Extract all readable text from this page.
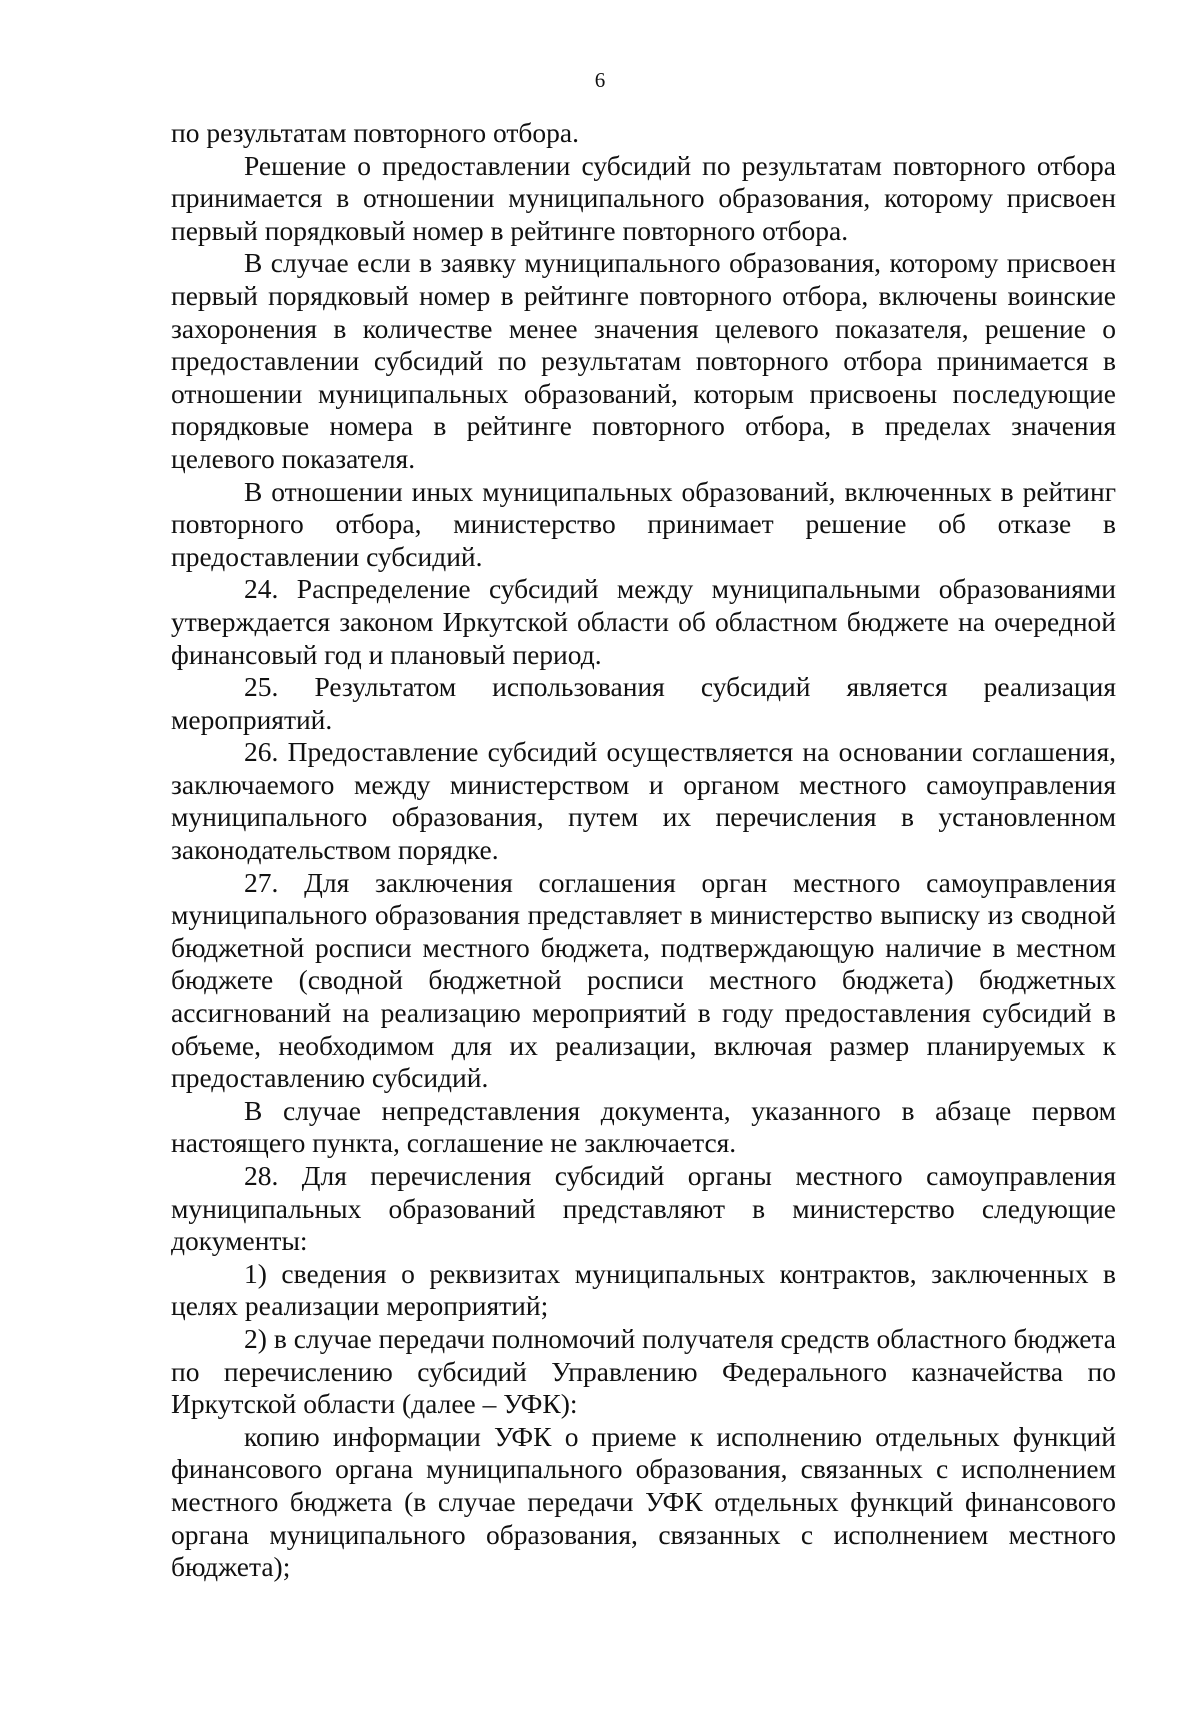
6

по результатам повторного отбора.

Решение о предоставлении субсидий по результатам повторного отбора принимается в отношении муниципального образования, которому присвоен первый порядковый номер в рейтинге повторного отбора.

В случае если в заявку муниципального образования, которому присвоен первый порядковый номер в рейтинге повторного отбора, включены воинские захоронения в количестве менее значения целевого показателя, решение о предоставлении субсидий по результатам повторного отбора принимается в отношении муниципальных образований, которым присвоены последующие порядковые номера в рейтинге повторного отбора, в пределах значения целевого показателя.

В отношении иных муниципальных образований, включенных в рейтинг повторного отбора, министерство принимает решение об отказе в предоставлении субсидий.

24. Распределение субсидий между муниципальными образованиями утверждается законом Иркутской области об областном бюджете на очередной финансовый год и плановый период.

25. Результатом использования субсидий является реализация мероприятий.

26. Предоставление субсидий осуществляется на основании соглашения, заключаемого между министерством и органом местного самоуправления муниципального образования, путем их перечисления в установленном законодательством порядке.

27. Для заключения соглашения орган местного самоуправления муниципального образования представляет в министерство выписку из сводной бюджетной росписи местного бюджета, подтверждающую наличие в местном бюджете (сводной бюджетной росписи местного бюджета) бюджетных ассигнований на реализацию мероприятий в году предоставления субсидий в объеме, необходимом для их реализации, включая размер планируемых к предоставлению субсидий.

В случае непредставления документа, указанного в абзаце первом настоящего пункта, соглашение не заключается.

28. Для перечисления субсидий органы местного самоуправления муниципальных образований представляют в министерство следующие документы:

1) сведения о реквизитах муниципальных контрактов, заключенных в целях реализации мероприятий;

2) в случае передачи полномочий получателя средств областного бюджета по перечислению субсидий Управлению Федерального казначейства по Иркутской области (далее – УФК):

копию информации УФК о приеме к исполнению отдельных функций финансового органа муниципального образования, связанных с исполнением местного бюджета (в случае передачи УФК отдельных функций финансового органа муниципального образования, связанных с исполнением местного бюджета);
